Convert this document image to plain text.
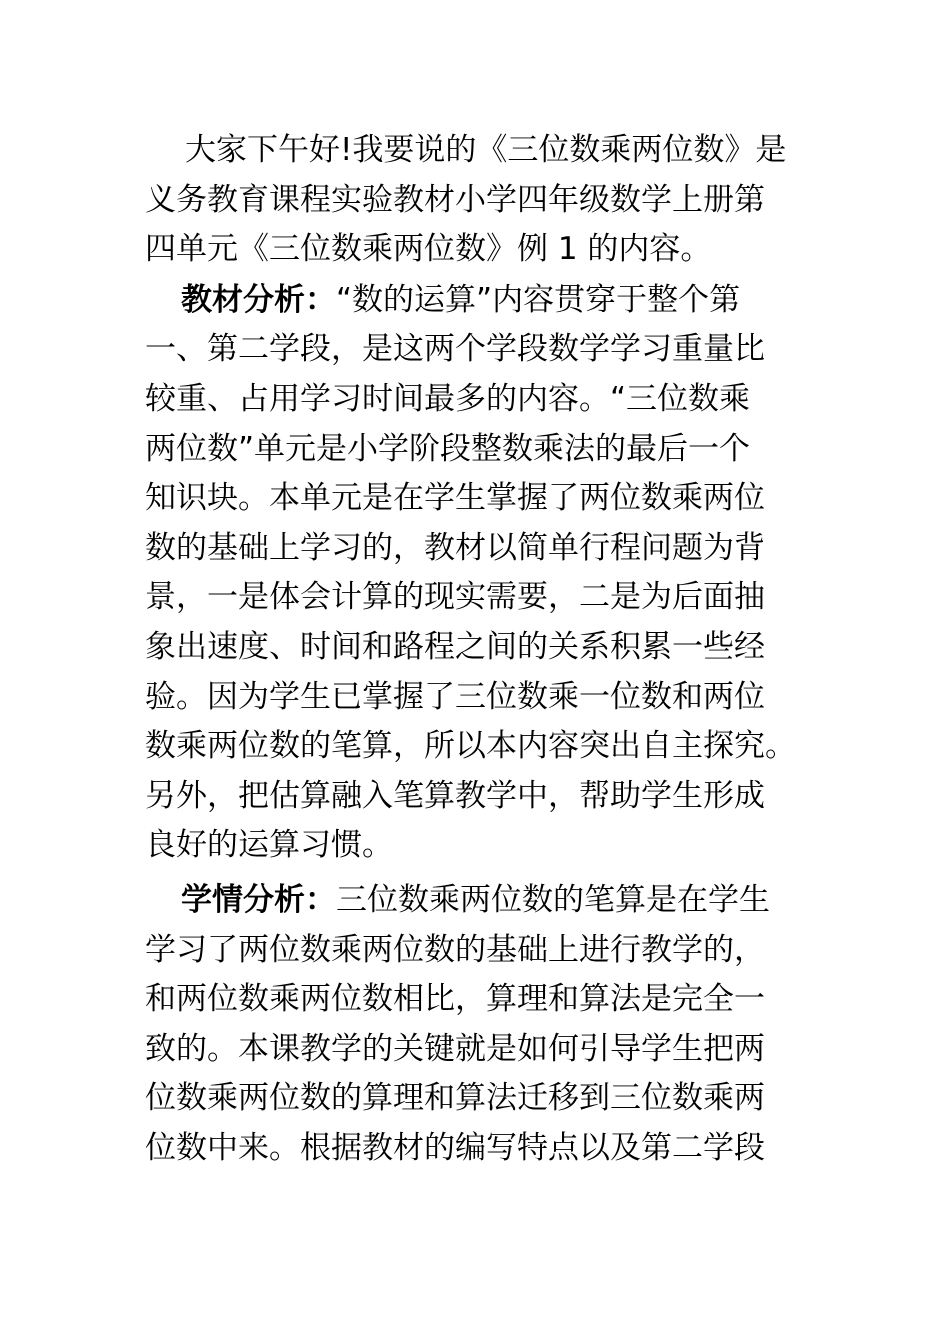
大家下午好!我要说的《三位数乘两位数》是
义务教育课程实验教材小学四年级数学上册第
四单元《三位数乘两位数》例 1 的内容。
教材分析：“数的运算”内容贯穿于整个第
一、第二学段，是这两个学段数学学习重量比
较重、占用学习时间最多的内容。“三位数乘
两位数”单元是小学阶段整数乘法的最后一个
知识块。本单元是在学生掌握了两位数乘两位
数的基础上学习的，教材以简单行程问题为背
景，一是体会计算的现实需要，二是为后面抽
象出速度、时间和路程之间的关系积累一些经
验。因为学生已掌握了三位数乘一位数和两位
数乘两位数的笔算，所以本内容突出自主探究。
另外，把估算融入笔算教学中，帮助学生形成
良好的运算习惯。
学情分析：三位数乘两位数的笔算是在学生
学习了两位数乘两位数的基础上进行教学的，
和两位数乘两位数相比，算理和算法是完全一
致的。本课教学的关键就是如何引导学生把两
位数乘两位数的算理和算法迁移到三位数乘两
位数中来。根据教材的编写特点以及第二学段
